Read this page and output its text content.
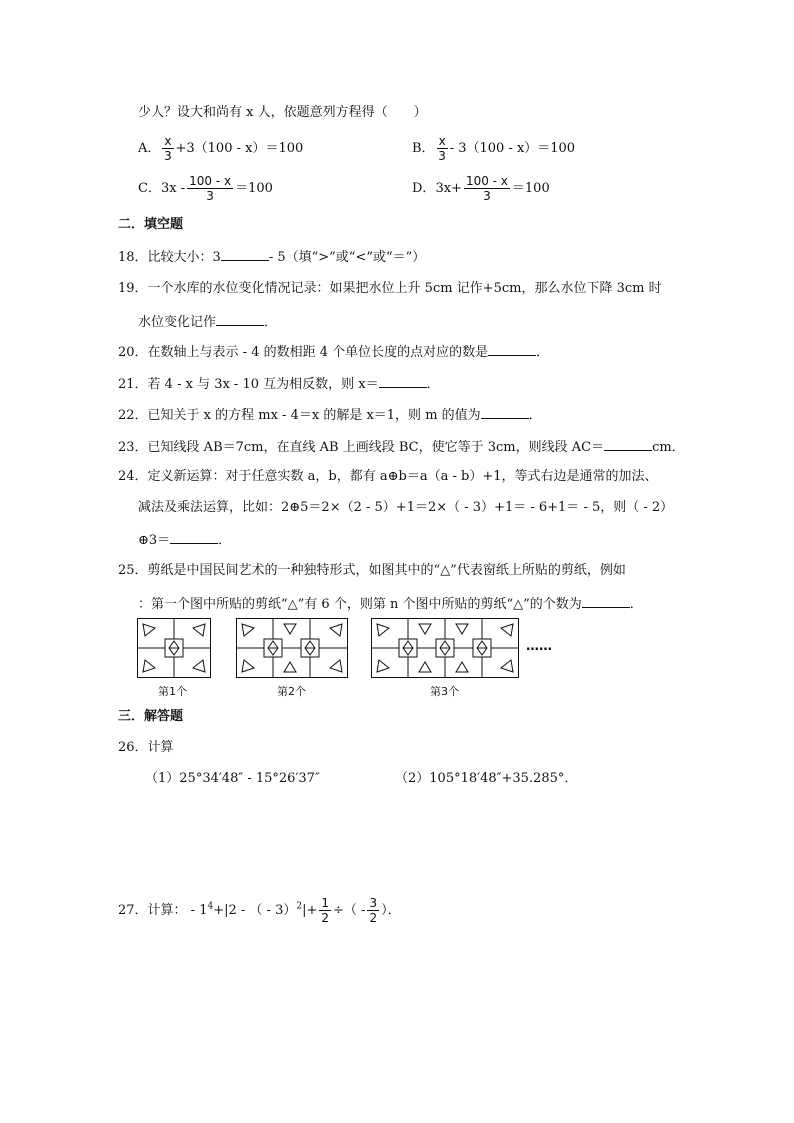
少人？设大和尚有 x 人，依题意列方程得（　　）
A． $\frac{x}{3} +3(100 - x)=100$	B． $\frac{x}{3} - 3(100 - x)=100$
C．$3x - \frac{100 - x}{3} =100$	D．$3x+ \frac{100 - x}{3} =100$
二．填空题
18．比较大小：3	- 5（填“>”或“<”或“＝”）
19．一个水库的水位变化情况记录：如果把水位上升 5cm 记作+5cm，那么水位下降 3cm 时
水位变化记作	．
20．在数轴上与表示 - 4 的数相距 4 个单位长度的点对应的数是	．
21．若 4 - x 与 3x - 10 互为相反数，则 x＝	．
22．已知关于 x 的方程 mx - 4＝x 的解是 x＝1，则 m 的值为	．
23．已知线段 AB＝7cm，在直线 AB 上画线段 BC，使它等于 3cm，则线段 AC＝	cm．
24．定义新运算：对于任意实数 a，b，都有 a⊕b＝a（a - b）+1，等式右边是通常的加法、
减法及乘法运算，比如：2⊕5＝2×（2 - 5）+1＝2×（ - 3）+1＝ - 6+1＝ - 5，则（ - 2）
⊕3＝	．
25．剪纸是中国民间艺术的一种独特形式，如图其中的“△”代表窗纸上所贴的剪纸，例如
：第一个图中所贴的剪纸“△”有 6 个，则第 n 个图中所贴的剪纸“△”的个数为	．
第1个	第2个	第3个
……
三．解答题
26．计算
（1）25°34′48″ - 15°26′37″	（2）105°18′48″+35.285°．
27．计算： - $1^4+|2$ - （ - $3)^2|+ \frac{1}{2}$ ÷（ - $\frac{3}{2}$ ）．
